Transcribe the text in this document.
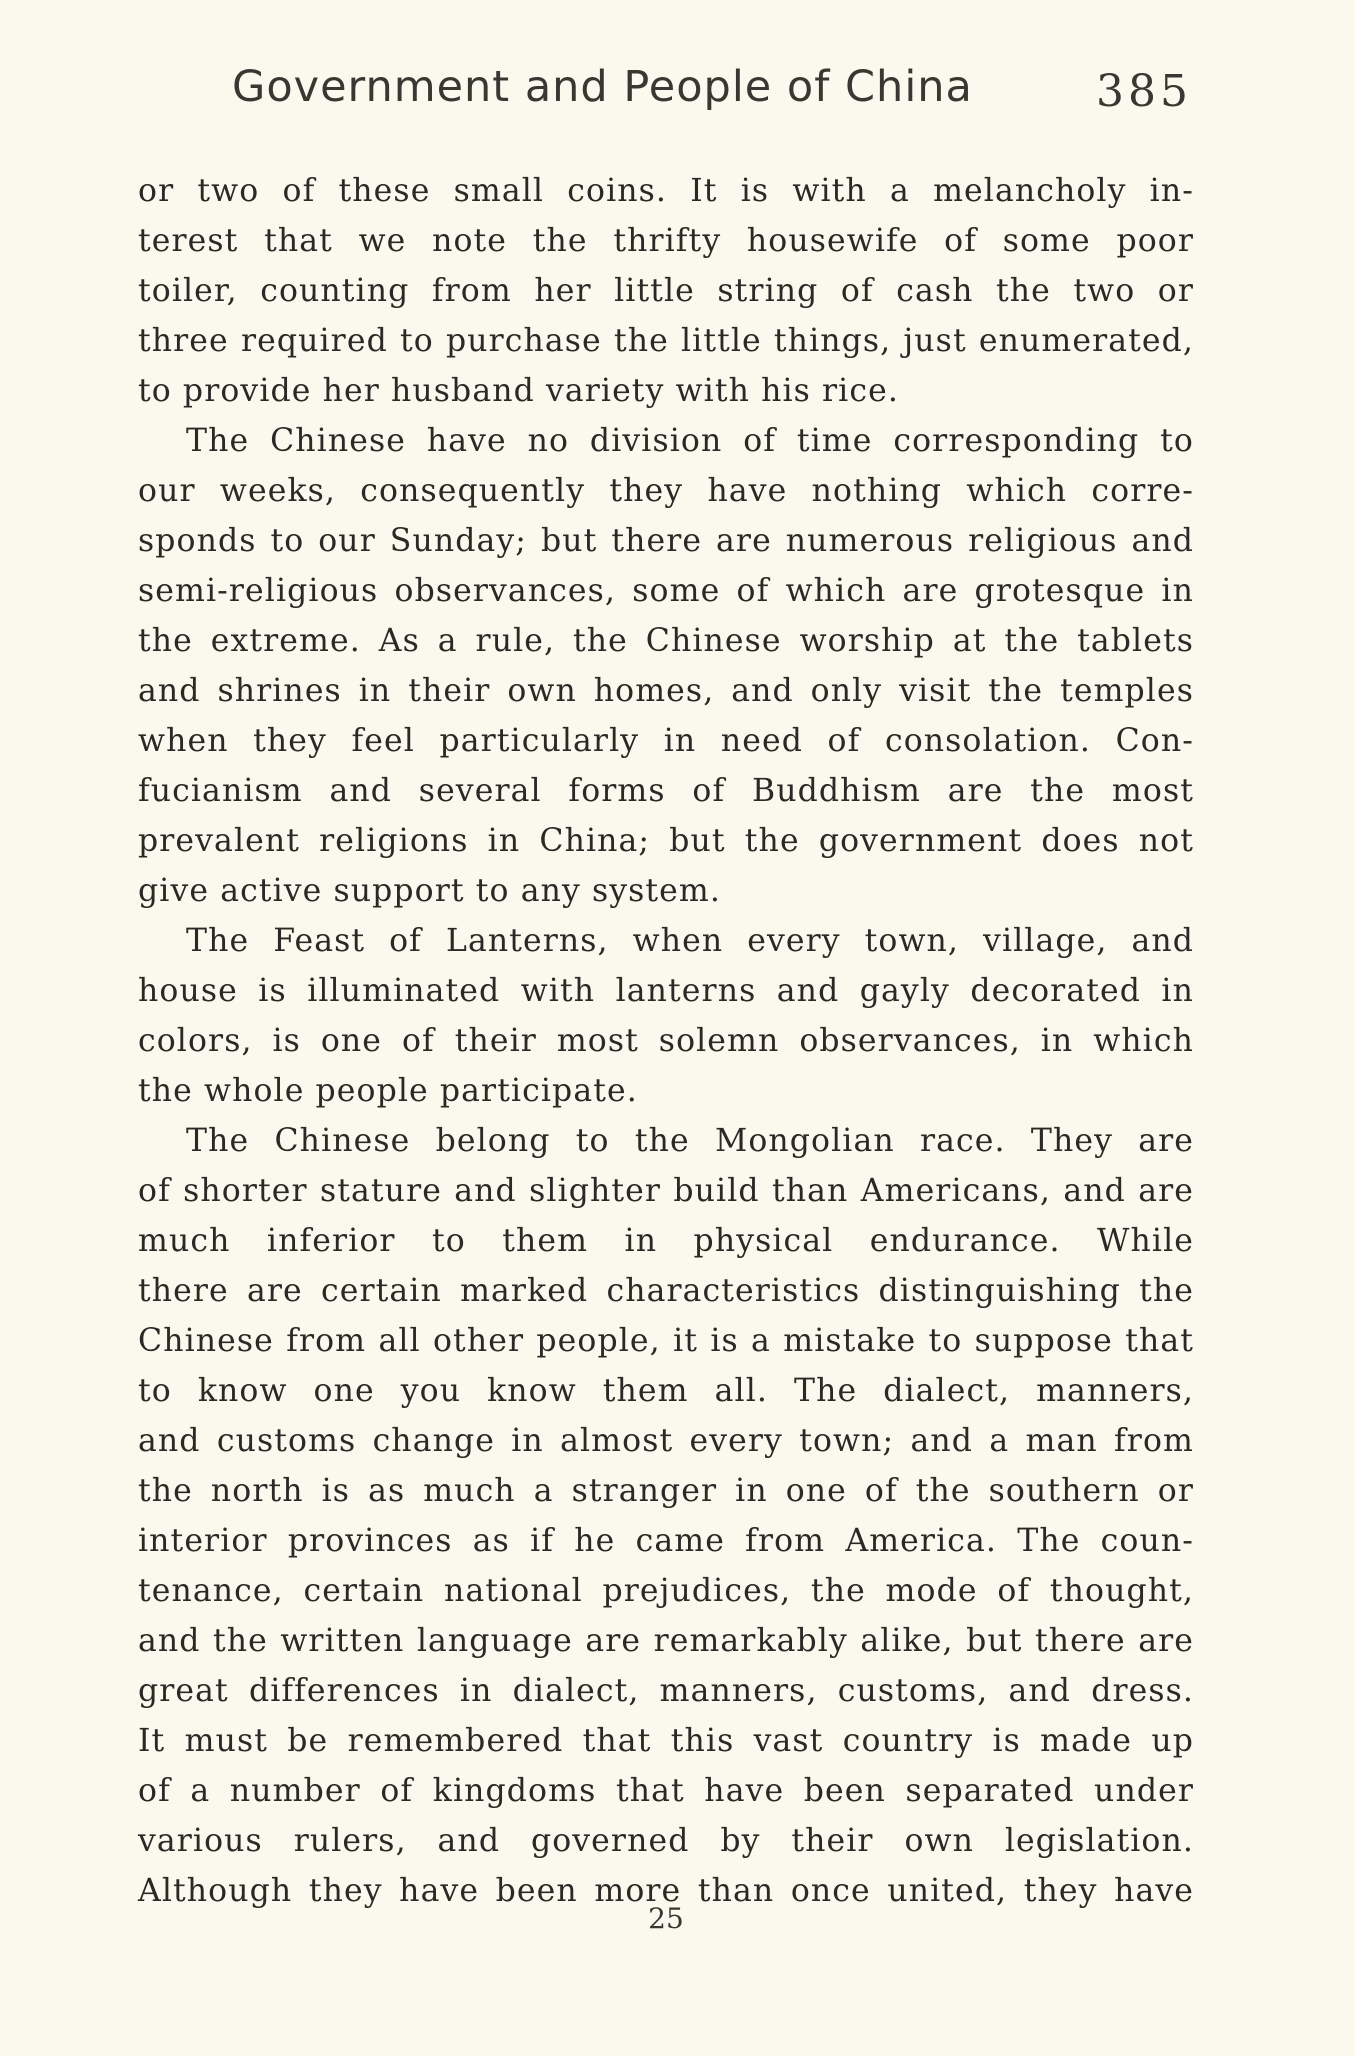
Government and People of China	385
or two of these small coins. It is with a melancholy in-
terest that we note the thrifty housewife of some poor
toiler, counting from her little string of cash the two or
three required to purchase the little things, just enumerated,
to provide her husband variety with his rice.
The Chinese have no division of time corresponding to
our weeks, consequently they have nothing which corre-
sponds to our Sunday; but there are numerous religious and
semi-religious observances, some of which are grotesque in
the extreme. As a rule, the Chinese worship at the tablets
and shrines in their own homes, and only visit the temples
when they feel particularly in need of consolation. Con-
fucianism and several forms of Buddhism are the most
prevalent religions in China; but the government does not
give active support to any system.
The Feast of Lanterns, when every town, village, and
house is illuminated with lanterns and gayly decorated in
colors, is one of their most solemn observances, in which
the whole people participate.
The Chinese belong to the Mongolian race. They are
of shorter stature and slighter build than Americans, and are
much inferior to them in physical endurance. While
there are certain marked characteristics distinguishing the
Chinese from all other people, it is a mistake to suppose that
to know one you know them all. The dialect, manners,
and customs change in almost every town; and a man from
the north is as much a stranger in one of the southern or
interior provinces as if he came from America. The coun-
tenance, certain national prejudices, the mode of thought,
and the written language are remarkably alike, but there are
great differences in dialect, manners, customs, and dress.
It must be remembered that this vast country is made up
of a number of kingdoms that have been separated under
various rulers, and governed by their own legislation.
Although they have been more than once united, they have
25
